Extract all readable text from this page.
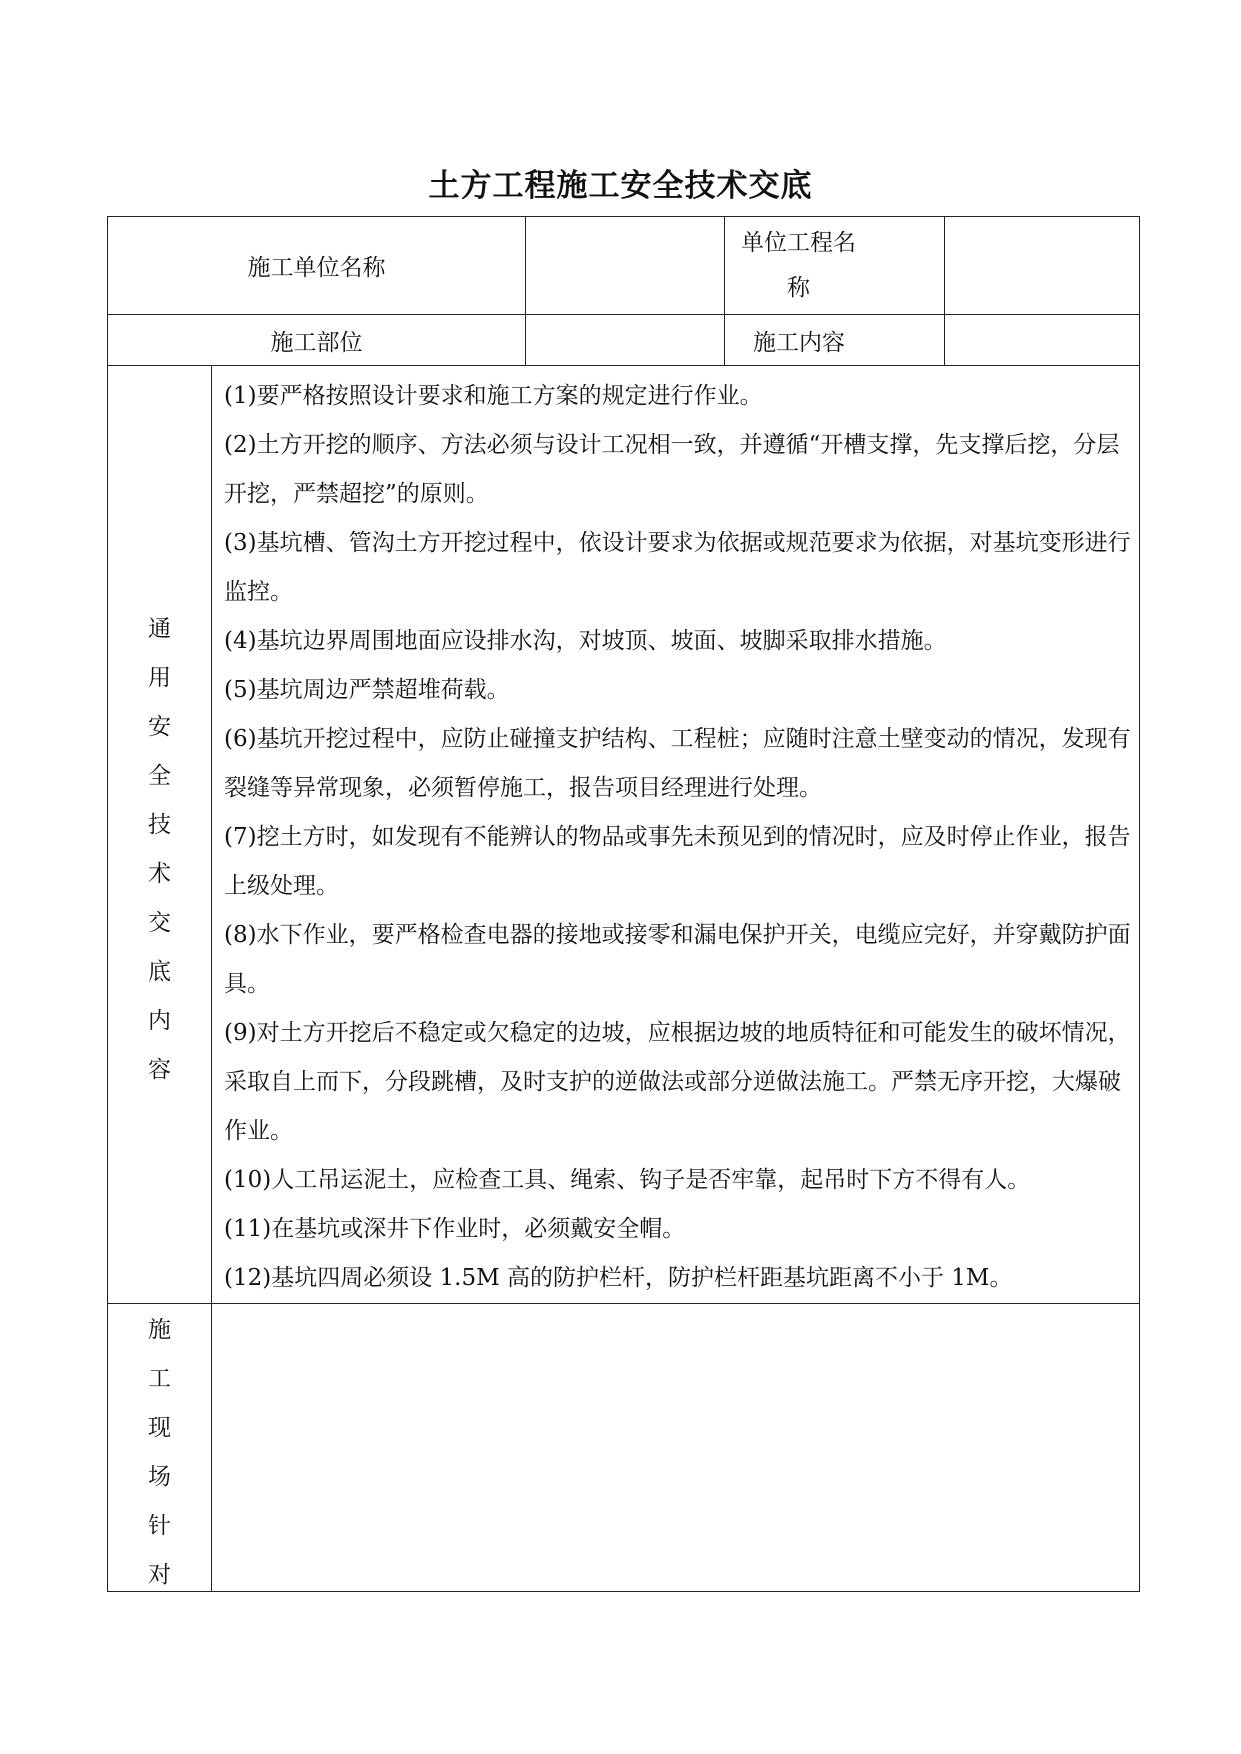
土方工程施工安全技术交底
施工单位名称
单位工程名
称
施工部位	施工内容
通
用
安
全
技
术
交
底
内
容

(1)要严格按照设计要求和施工方案的规定进行作业。

(2)土方开挖的顺序、方法必须与设计工况相一致，并遵循“开槽支撑，先支撑后挖，分层开挖，严禁超挖”的原则。

(3)基坑槽、管沟土方开挖过程中，依设计要求为依据或规范要求为依据，对基坑变形进行监控。

(4)基坑边界周围地面应设排水沟，对坡顶、坡面、坡脚采取排水措施。

(5)基坑周边严禁超堆荷载。

(6)基坑开挖过程中，应防止碰撞支护结构、工程桩；应随时注意土壁变动的情况，发现有裂缝等异常现象，必须暂停施工，报告项目经理进行处理。

(7)挖土方时，如发现有不能辨认的物品或事先未预见到的情况时，应及时停止作业，报告上级处理。

(8)水下作业，要严格检查电器的接地或接零和漏电保护开关，电缆应完好，并穿戴防护面具。

(9)对土方开挖后不稳定或欠稳定的边坡，应根据边坡的地质特征和可能发生的破坏情况，采取自上而下，分段跳槽，及时支护的逆做法或部分逆做法施工。严禁无序开挖，大爆破作业。

(10)人工吊运泥土，应检查工具、绳索、钩子是否牢靠，起吊时下方不得有人。

(11)在基坑或深井下作业时，必须戴安全帽。

(12)基坑四周必须设 1.5M 高的防护栏杆，防护栏杆距基坑距离不小于 1M。

施
工
现
场
针
对
